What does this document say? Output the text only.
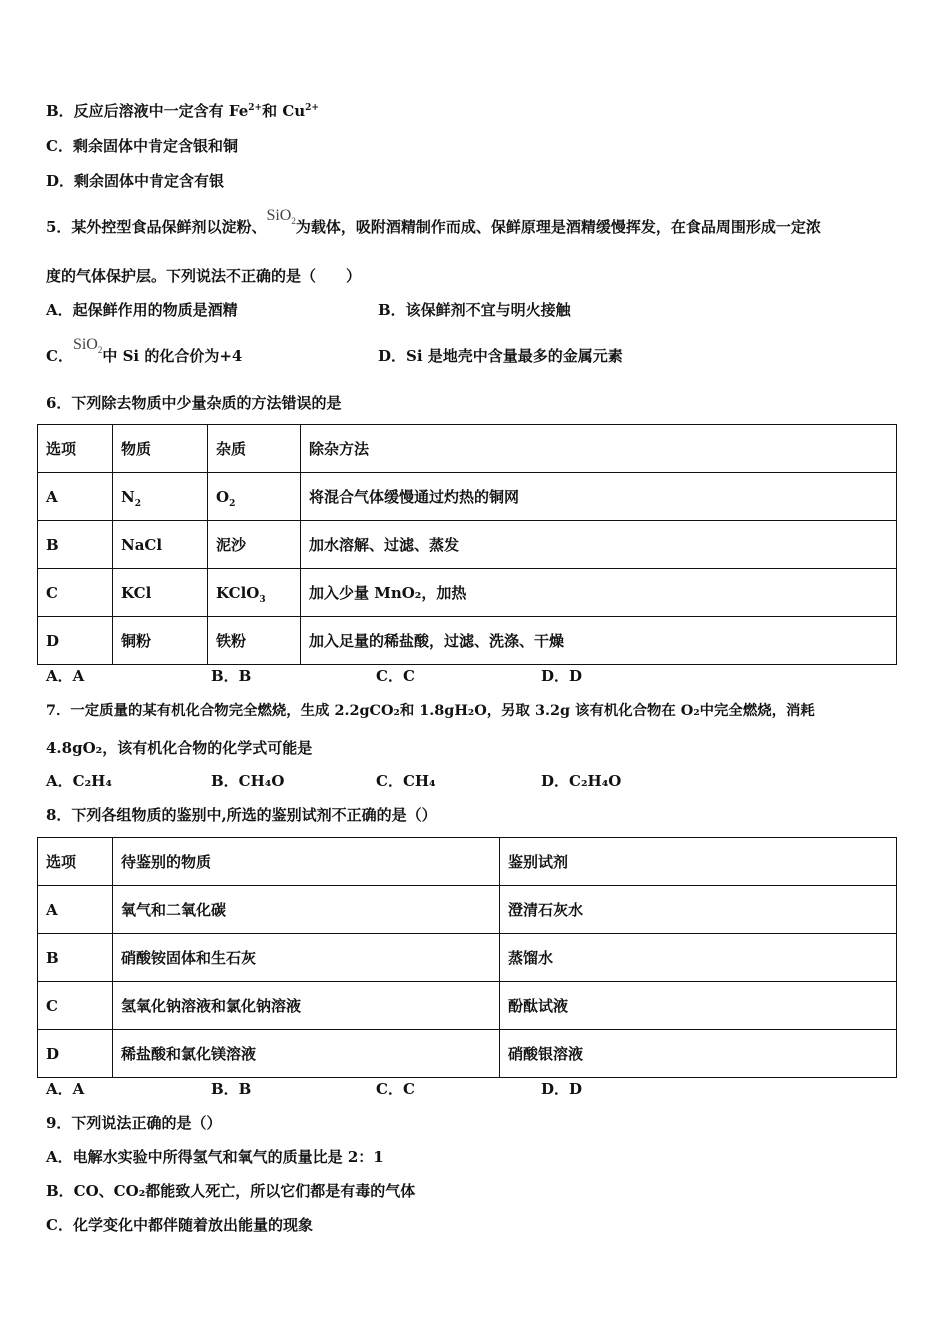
B．反应后溶液中一定含有 $Fe^{2+}$和 $Cu^{2+}$
C．剩余固体中肯定含银和铜
D．剩余固体中肯定含有银
5．某外控型食品保鲜剂以淀粉、SiO$_2$为载体，吸附酒精制作而成、保鲜原理是酒精缓慢挥发，在食品周围形成一定浓
度的气体保护层。下列说法不正确的是（　　）
A．起保鲜作用的物质是酒精	B．该保鲜剂不宜与明火接触
C．SiO$_2$中 Si 的化合价为+4	D．Si 是地壳中含量最多的金属元素
6．下列除去物质中少量杂质的方法错误的是
选项	物质	杂质	除杂方法
A	$N_2$	$O_2$	将混合气体缓慢通过灼热的铜网
B	NaCl	泥沙	加水溶解、过滤、蒸发
C	KCl	KClO$_3$	加入少量 MnO₂，加热
D	铜粉	铁粉	加入足量的稀盐酸，过滤、洗涤、干燥
A．A	B．B	C．C	D．D
7．一定质量的某有机化合物完全燃烧，生成 2.2gCO₂和 1.8gH₂O，另取 3.2g 该有机化合物在 O₂中完全燃烧，消耗
4.8gO₂，该有机化合物的化学式可能是
A．C₂H₄	B．CH₄O	C．CH₄	D．C₂H₄O
8．下列各组物质的鉴别中,所选的鉴别试剂不正确的是（）
选项	待鉴别的物质	鉴别试剂
A	氧气和二氧化碳	澄清石灰水
B	硝酸铵固体和生石灰	蒸馏水
C	氢氧化钠溶液和氯化钠溶液	酚酞试液
D	稀盐酸和氯化镁溶液	硝酸银溶液
A．A	B．B	C．C	D．D
9．下列说法正确的是（）
A．电解水实验中所得氢气和氧气的质量比是 2：1
B．CO、CO₂都能致人死亡，所以它们都是有毒的气体
C．化学变化中都伴随着放出能量的现象
